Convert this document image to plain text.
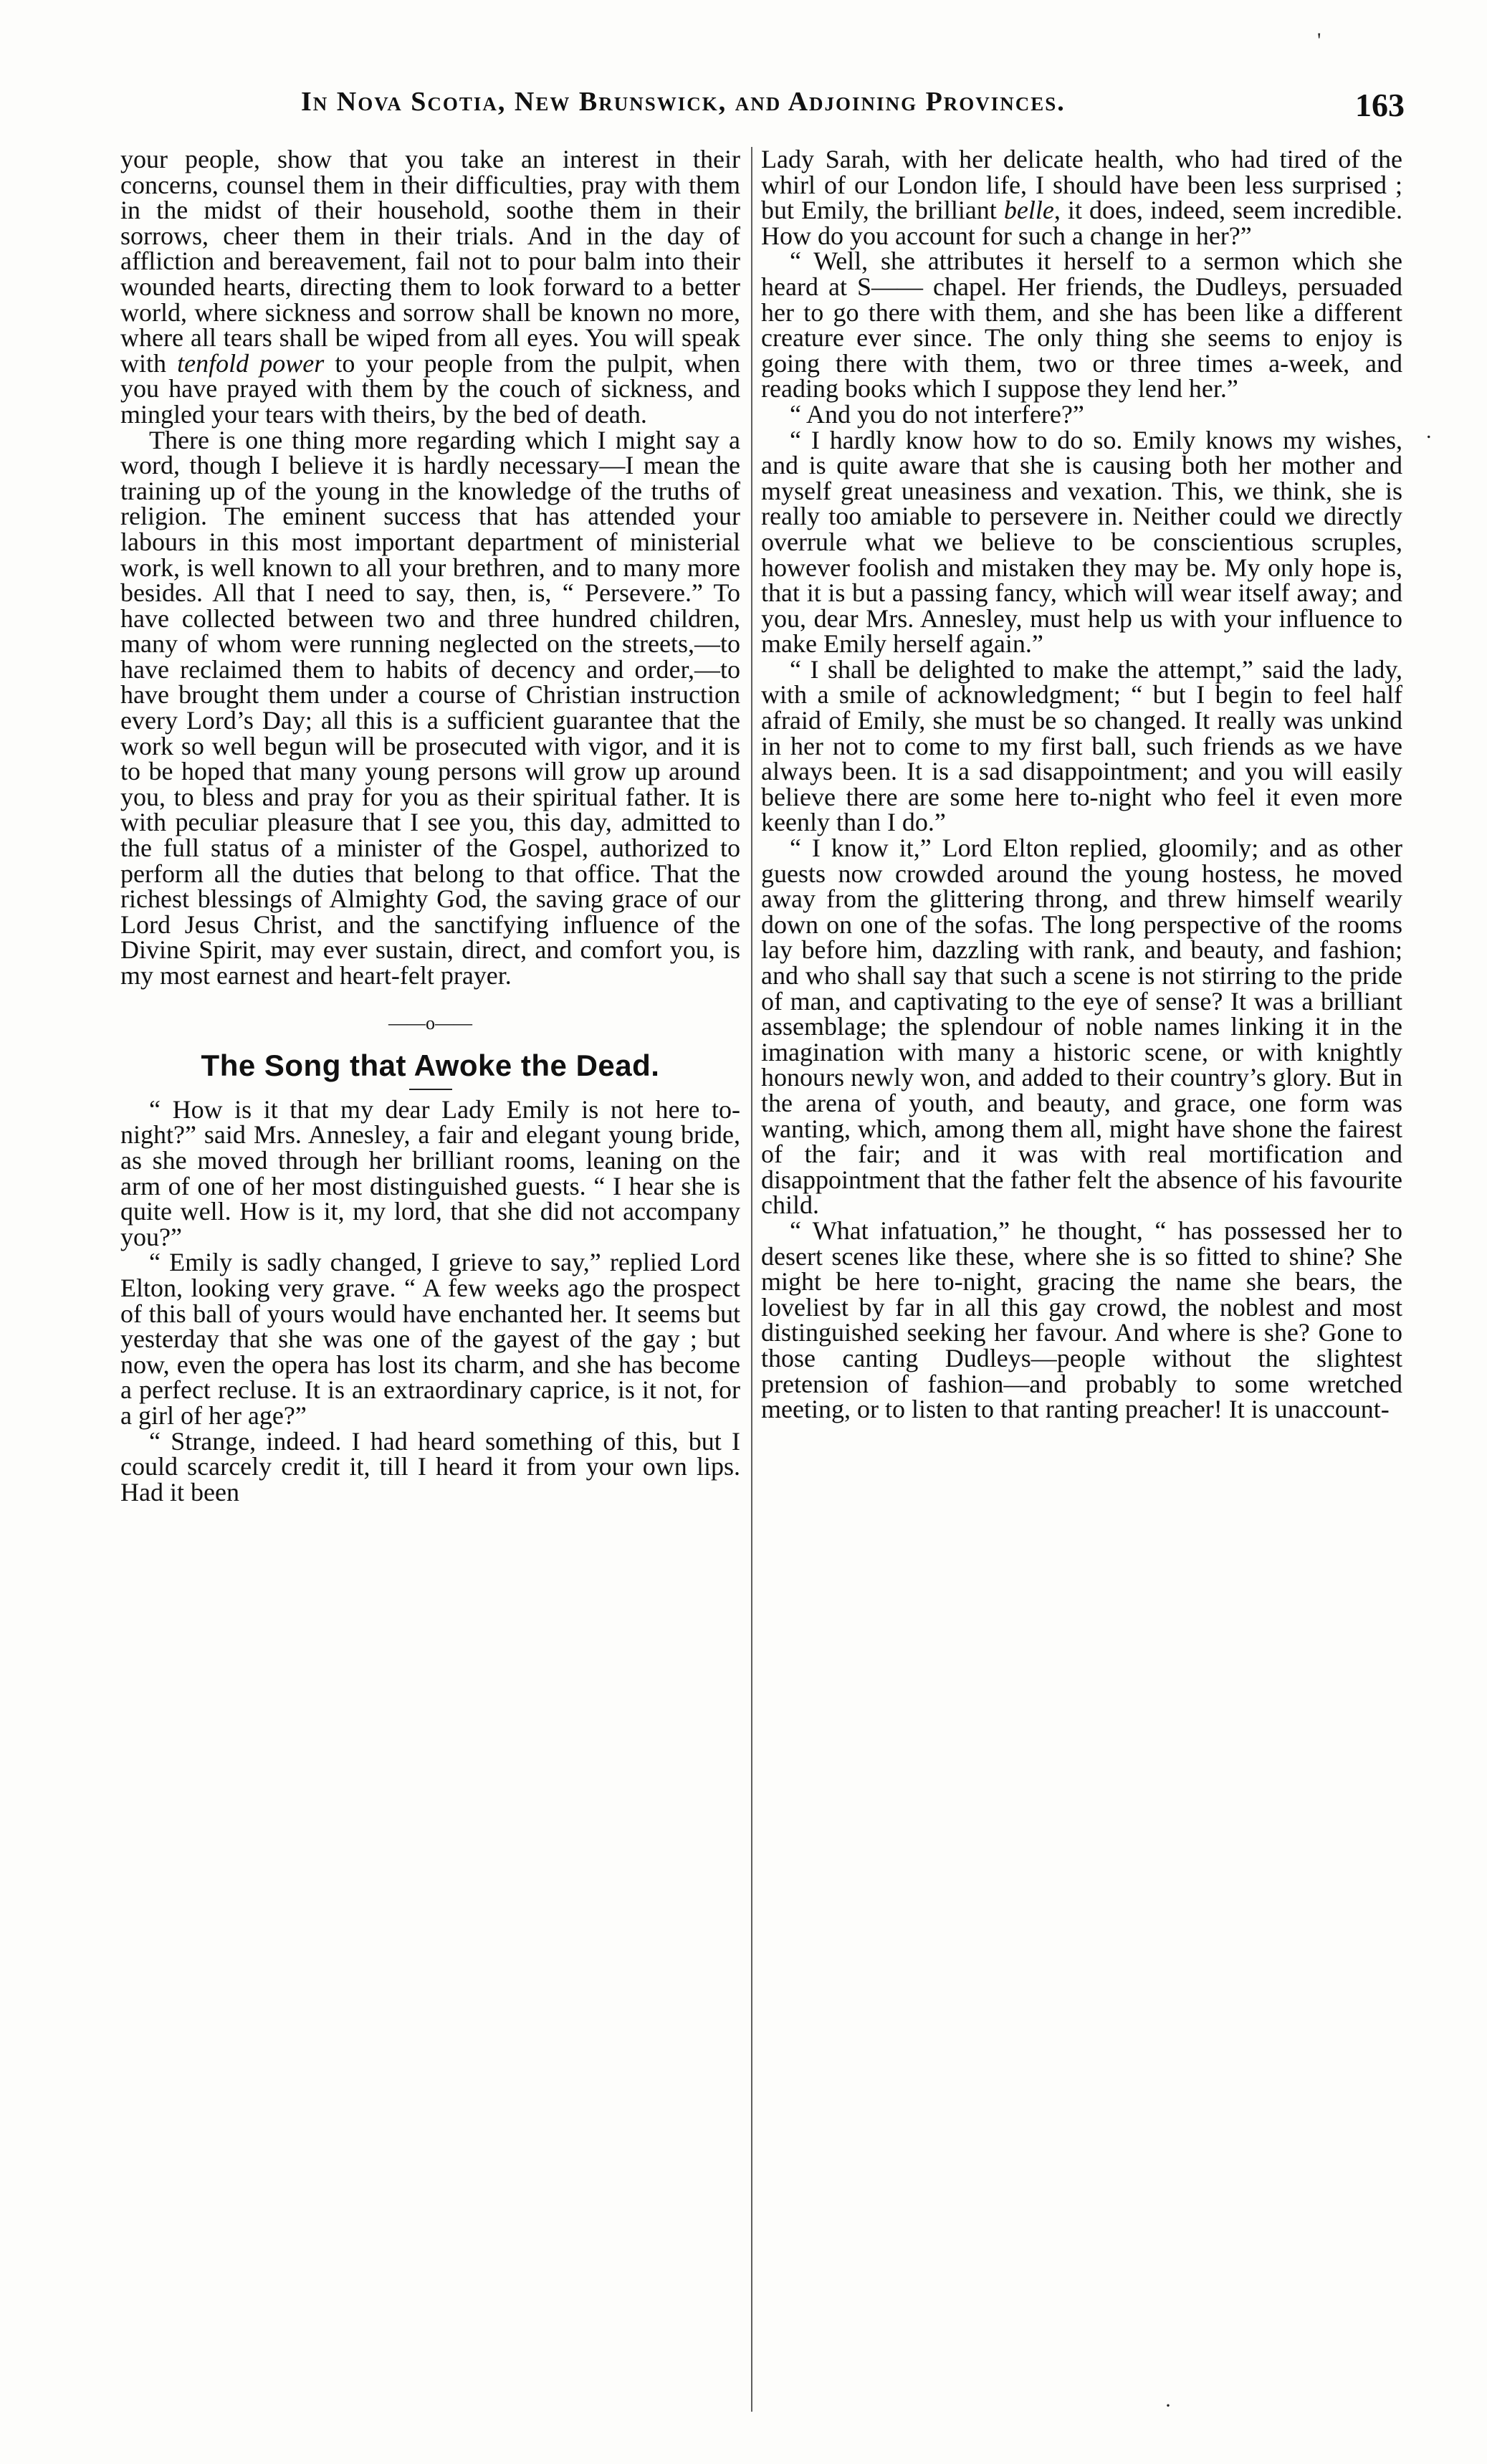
In Nova Scotia, New Brunswick, and Adjoining Provinces.	163

your people, show that you take an interest in their concerns, counsel them in their difficulties, pray with them in the midst of their household, soothe them in their sorrows, cheer them in their trials. And in the day of affliction and bereavement, fail not to pour balm into their wounded hearts, directing them to look forward to a better world, where sickness and sorrow shall be known no more, where all tears shall be wiped from all eyes. You will speak with tenfold power to your people from the pulpit, when you have prayed with them by the couch of sickness, and mingled your tears with theirs, by the bed of death.

There is one thing more regarding which I might say a word, though I believe it is hardly necessary—I mean the training up of the young in the knowledge of the truths of religion. The eminent success that has attended your labours in this most important department of ministerial work, is well known to all your brethren, and to many more besides. All that I need to say, then, is, “ Persevere.” To have collected between two and three hundred children, many of whom were running neglected on the streets,—to have reclaimed them to habits of decency and order,—to have brought them under a course of Christian instruction every Lord’s Day; all this is a sufficient guarantee that the work so well begun will be prosecuted with vigor, and it is to be hoped that many young persons will grow up around you, to bless and pray for you as their spiritual father. It is with peculiar pleasure that I see you, this day, admitted to the full status of a minister of the Gospel, authorized to perform all the duties that belong to that office. That the richest blessings of Almighty God, the saving grace of our Lord Jesus Christ, and the sanctifying influence of the Divine Spirit, may ever sustain, direct, and comfort you, is my most earnest and heart-felt prayer.

——o——
The Song that Awoke the Dead.

“ How is it that my dear Lady Emily is not here to-night?” said Mrs. Annesley, a fair and elegant young bride, as she moved through her brilliant rooms, leaning on the arm of one of her most distinguished guests. “ I hear she is quite well. How is it, my lord, that she did not accompany you?”

“ Emily is sadly changed, I grieve to say,” replied Lord Elton, looking very grave. “ A few weeks ago the prospect of this ball of yours would have enchanted her. It seems but yesterday that she was one of the gayest of the gay ; but now, even the opera has lost its charm, and she has become a perfect recluse. It is an extraordinary caprice, is it not, for a girl of her age?”

“ Strange, indeed. I had heard something of this, but I could scarcely credit it, till I heard it from your own lips. Had it been

Lady Sarah, with her delicate health, who had tired of the whirl of our London life, I should have been less surprised ; but Emily, the brilliant belle, it does, indeed, seem incredible. How do you account for such a change in her?”

“ Well, she attributes it herself to a sermon which she heard at S—— chapel. Her friends, the Dudleys, persuaded her to go there with them, and she has been like a different creature ever since. The only thing she seems to enjoy is going there with them, two or three times a-week, and reading books which I suppose they lend her.”

“ And you do not interfere?”

“ I hardly know how to do so. Emily knows my wishes, and is quite aware that she is causing both her mother and myself great uneasiness and vexation. This, we think, she is really too amiable to persevere in. Neither could we directly overrule what we believe to be conscientious scruples, however foolish and mistaken they may be. My only hope is, that it is but a passing fancy, which will wear itself away; and you, dear Mrs. Annesley, must help us with your influence to make Emily herself again.”

“ I shall be delighted to make the attempt,” said the lady, with a smile of acknowledgment; “ but I begin to feel half afraid of Emily, she must be so changed. It really was unkind in her not to come to my first ball, such friends as we have always been. It is a sad disappointment; and you will easily believe there are some here to-night who feel it even more keenly than I do.”

“ I know it,” Lord Elton replied, gloomily; and as other guests now crowded around the young hostess, he moved away from the glittering throng, and threw himself wearily down on one of the sofas. The long perspective of the rooms lay before him, dazzling with rank, and beauty, and fashion; and who shall say that such a scene is not stirring to the pride of man, and captivating to the eye of sense? It was a brilliant assemblage; the splendour of noble names linking it in the imagination with many a historic scene, or with knightly honours newly won, and added to their country’s glory. But in the arena of youth, and beauty, and grace, one form was wanting, which, among them all, might have shone the fairest of the fair; and it was with real mortification and disappointment that the father felt the absence of his favourite child.

“ What infatuation,” he thought, “ has possessed her to desert scenes like these, where she is so fitted to shine? She might be here to-night, gracing the name she bears, the loveliest by far in all this gay crowd, the noblest and most distinguished seeking her favour. And where is she? Gone to those canting Dudleys—people without the slightest pretension of fashion—and probably to some wretched meeting, or to listen to that ranting preacher! It is unaccount-

'
.
·
